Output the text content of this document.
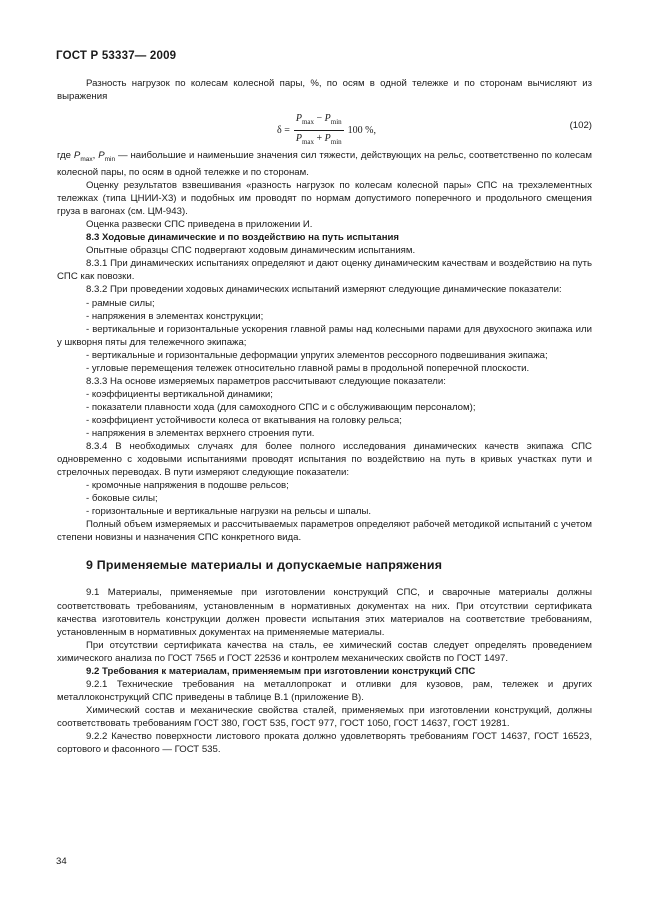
ГОСТ Р 53337— 2009

Разность нагрузок по колесам колесной пары, %, по осям в одной тележке и по сторонам вычисляют из выражения

$\delta = \frac{P_{max} - P_{min}}{P_{max} + P_{min}} 100$ %,	(102)

где $P_{max}$, $P_{min}$ — наибольшие и наименьшие значения сил тяжести, действующих на рельс, соответственно по колесам колесной пары, по осям в одной тележке и по сторонам.

Оценку результатов взвешивания «разность нагрузок по колесам колесной пары» СПС на трехэлементных тележках (типа ЦНИИ-Х3) и подобных им проводят по нормам допустимого поперечного и продольного смещения груза в вагонах (см. ЦМ-943).

Оценка развески СПС приведена в приложении И.

8.3 Ходовые динамические и по воздействию на путь испытания

Опытные образцы СПС подвергают ходовым динамическим испытаниям.

8.3.1 При динамических испытаниях определяют и дают оценку динамическим качествам и воздействию на путь СПС как повозки.

8.3.2 При проведении ходовых динамических испытаний измеряют следующие динамические показатели:

- рамные силы;

- напряжения в элементах конструкции;

- вертикальные и горизонтальные ускорения главной рамы над колесными парами для двухосного экипажа или у шкворня пяты для тележечного экипажа;

- вертикальные и горизонтальные деформации упругих элементов рессорного подвешивания экипажа;

- угловые перемещения тележек относительно главной рамы в продольной поперечной плоскости.

8.3.3 На основе измеряемых параметров рассчитывают следующие показатели:

- коэффициенты вертикальной динамики;

- показатели плавности хода (для самоходного СПС и с обслуживающим персоналом);

- коэффициент устойчивости колеса от вкатывания на головку рельса;

- напряжения в элементах верхнего строения пути.

8.3.4 В необходимых случаях для более полного исследования динамических качеств экипажа СПС одновременно с ходовыми испытаниями проводят испытания по воздействию на путь в кривых участках пути и стрелочных переводах. В пути измеряют следующие показатели:

- кромочные напряжения в подошве рельсов;

- боковые силы;

- горизонтальные и вертикальные нагрузки на рельсы и шпалы.

Полный объем измеряемых и рассчитываемых параметров определяют рабочей методикой испытаний с учетом степени новизны и назначения СПС конкретного вида.

9 Применяемые материалы и допускаемые напряжения

9.1 Материалы, применяемые при изготовлении конструкций СПС, и сварочные материалы должны соответствовать требованиям, установленным в нормативных документах на них. При отсутствии сертификата качества изготовитель конструкции должен провести испытания этих материалов на соответствие требованиям, установленным в нормативных документах на применяемые материалы.

При отсутствии сертификата качества на сталь, ее химический состав следует определять проведением химического анализа по ГОСТ 7565 и ГОСТ 22536 и контролем механических свойств по ГОСТ 1497.

9.2 Требования к материалам, применяемым при изготовлении конструкций СПС

9.2.1 Технические требования на металлопрокат и отливки для кузовов, рам, тележек и других металлоконструкций СПС приведены в таблице В.1 (приложение В).

Химический состав и механические свойства сталей, применяемых при изготовлении конструкций, должны соответствовать требованиям ГОСТ 380, ГОСТ 535, ГОСТ 977, ГОСТ 1050, ГОСТ 14637, ГОСТ 19281.

9.2.2 Качество поверхности листового проката должно удовлетворять требованиям ГОСТ 14637, ГОСТ 16523, сортового и фасонного — ГОСТ 535.

34
